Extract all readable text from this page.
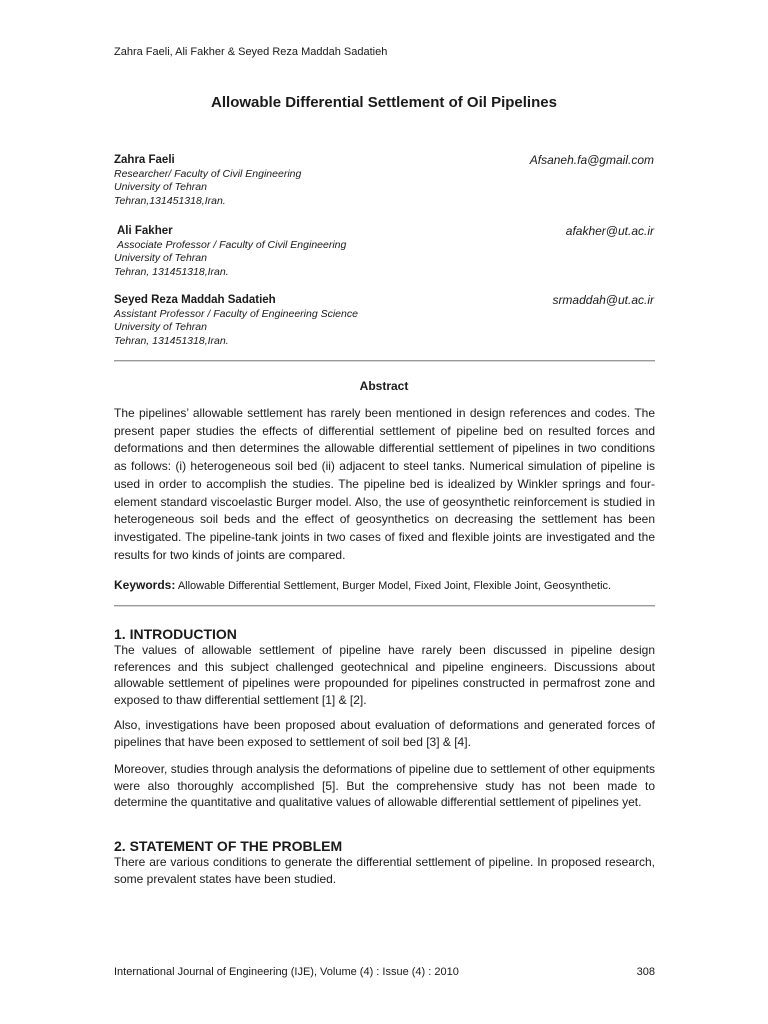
Zahra Faeli, Ali Fakher & Seyed Reza Maddah Sadatieh
Allowable Differential Settlement of Oil Pipelines
Zahra Faeli	Afsaneh.fa@gmail.com
Researcher/ Faculty of Civil Engineering
University of Tehran
Tehran,131451318,Iran.
Ali Fakher	afakher@ut.ac.ir
Associate Professor / Faculty of Civil Engineering
University of Tehran
Tehran, 131451318,Iran.
Seyed Reza Maddah Sadatieh	srmaddah@ut.ac.ir
Assistant Professor / Faculty of Engineering Science
University of Tehran
Tehran, 131451318,Iran.
Abstract
The pipelines’ allowable settlement has rarely been mentioned in design references and codes. The present paper studies the effects of differential settlement of pipeline bed on resulted forces and deformations and then determines the allowable differential settlement of pipelines in two conditions as follows: (i) heterogeneous soil bed (ii) adjacent to steel tanks. Numerical simulation of pipeline is used in order to accomplish the studies. The pipeline bed is idealized by Winkler springs and four-element standard viscoelastic Burger model. Also, the use of geosynthetic reinforcement is studied in heterogeneous soil beds and the effect of geosynthetics on decreasing the settlement has been investigated. The pipeline-tank joints in two cases of fixed and flexible joints are investigated and the results for two kinds of joints are compared.
Keywords: Allowable Differential Settlement, Burger Model, Fixed Joint, Flexible Joint, Geosynthetic.
1. INTRODUCTION
The values of allowable settlement of pipeline have rarely been discussed in pipeline design references and this subject challenged geotechnical and pipeline engineers. Discussions about allowable settlement of pipelines were propounded for pipelines constructed in permafrost zone and exposed to thaw differential settlement [1] & [2].
Also, investigations have been proposed about evaluation of deformations and generated forces of pipelines that have been exposed to settlement of soil bed [3] & [4].
Moreover, studies through analysis the deformations of pipeline due to settlement of other equipments were also thoroughly accomplished [5]. But the comprehensive study has not been made to determine the quantitative and qualitative values of allowable differential settlement of pipelines yet.
2. STATEMENT OF THE PROBLEM
There are various conditions to generate the differential settlement of pipeline. In proposed research, some prevalent states have been studied.
International Journal of Engineering (IJE), Volume (4) : Issue (4) : 2010	308
